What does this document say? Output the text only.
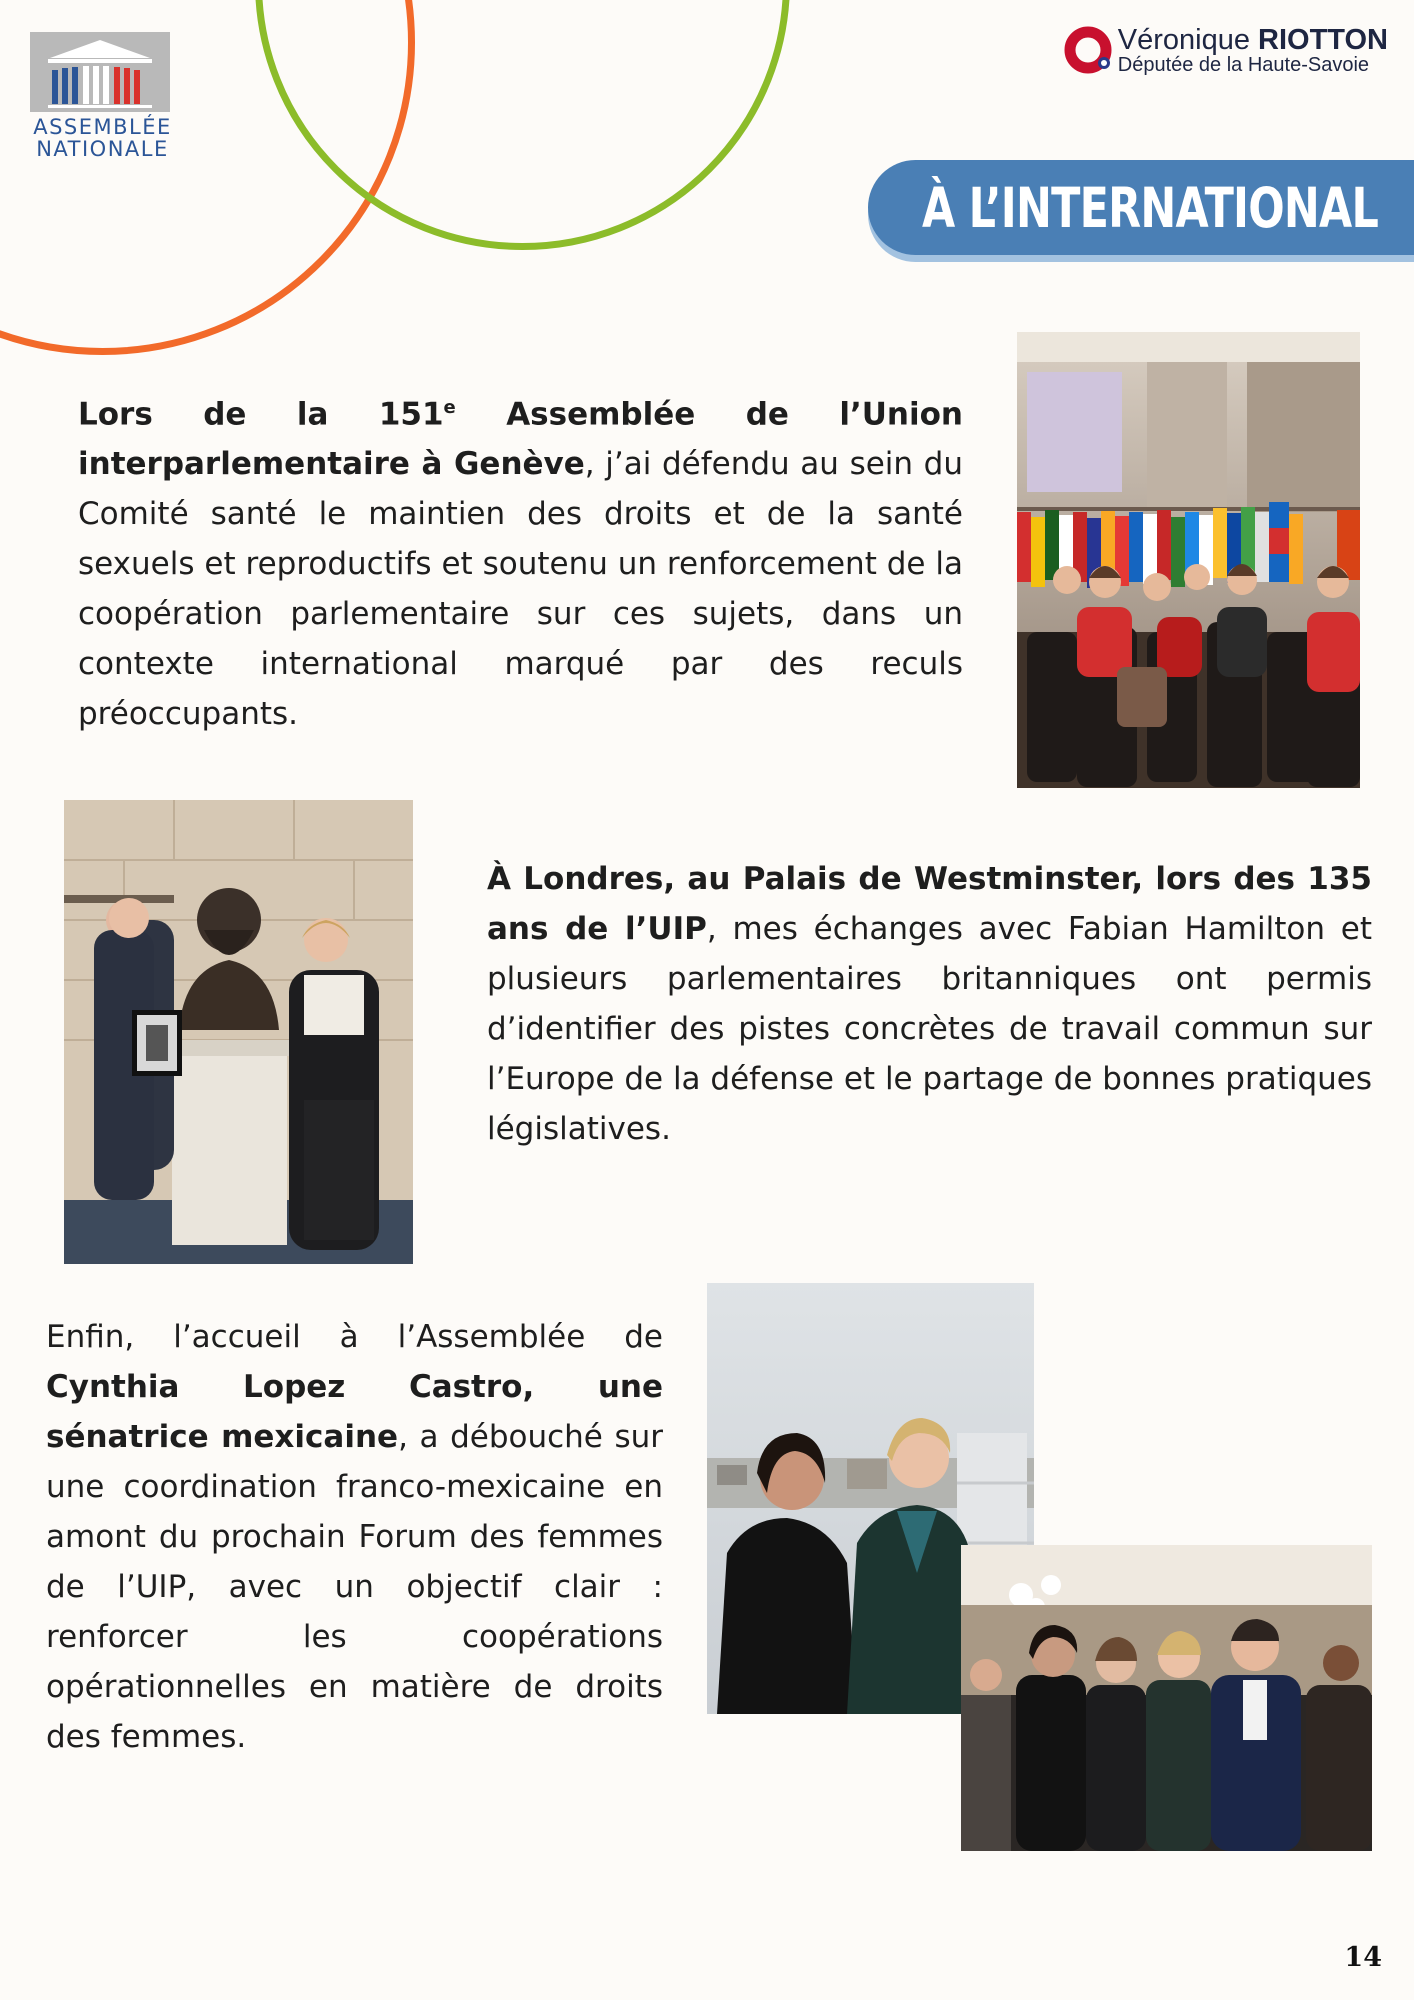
ASSEMBLÉE
NATIONALE
Véronique RIOTTON
Députée de la Haute-Savoie
À L’INTERNATIONAL

Lors de la 151e Assemblée de l’Union interparlementaire à Genève, j’ai défendu au sein du Comité santé le maintien des droits et de la santé sexuels et reproductifs et soutenu un renforcement de la coopération parlementaire sur ces sujets, dans un contexte international marqué par des reculs préoccupants.

À Londres, au Palais de Westminster, lors des 135 ans de l’UIP, mes échanges avec Fabian Hamilton et plusieurs parlementaires britanniques ont permis d’identifier des pistes concrètes de travail commun sur l’Europe de la défense et le partage de bonnes pratiques législatives.

Enfin, l’accueil à l’Assemblée de Cynthia Lopez Castro, une sénatrice mexicaine, a débouché sur une coordination franco-mexicaine en amont du prochain Forum des femmes de l’UIP, avec un objectif clair : renforcer les coopérations opérationnelles en matière de droits des femmes.

14
